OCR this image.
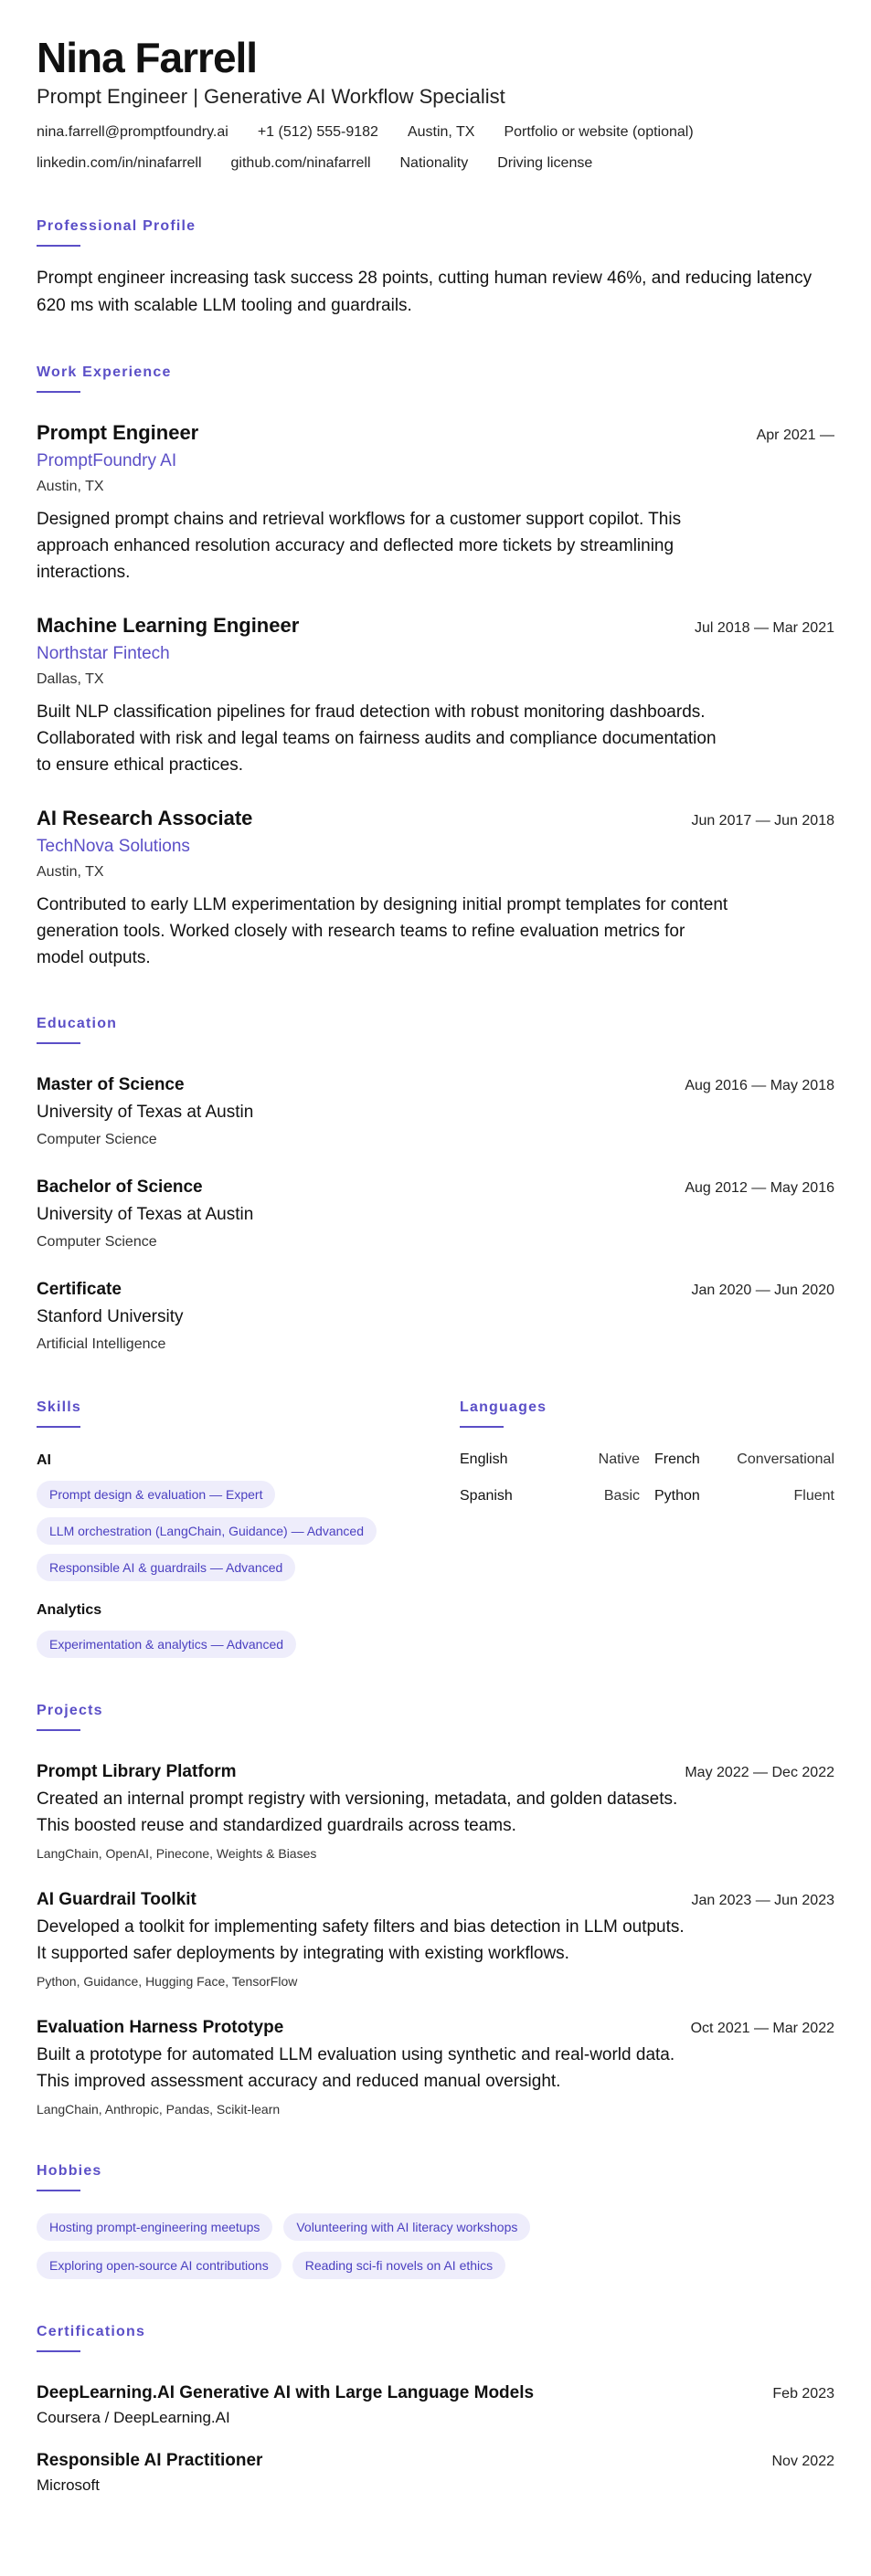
Nina Farrell
Prompt Engineer | Generative AI Workflow Specialist
nina.farrell@promptfoundry.ai +1 (512) 555-9182 Austin, TX Portfolio or website (optional)
linkedin.com/in/ninafarrell github.com/ninafarrell Nationality Driving license
Professional Profile
Prompt engineer increasing task success 28 points, cutting human review 46%, and reducing latency 620 ms with scalable LLM tooling and guardrails.
Work Experience
Prompt Engineer	Apr 2021 —
PromptFoundry AI
Austin, TX
Designed prompt chains and retrieval workflows for a customer support copilot. This approach enhanced resolution accuracy and deflected more tickets by streamlining interactions.
Machine Learning Engineer	Jul 2018 — Mar 2021
Northstar Fintech
Dallas, TX
Built NLP classification pipelines for fraud detection with robust monitoring dashboards. Collaborated with risk and legal teams on fairness audits and compliance documentation to ensure ethical practices.
AI Research Associate	Jun 2017 — Jun 2018
TechNova Solutions
Austin, TX
Contributed to early LLM experimentation by designing initial prompt templates for content generation tools. Worked closely with research teams to refine evaluation metrics for model outputs.
Education
Master of Science	Aug 2016 — May 2018
University of Texas at Austin
Computer Science
Bachelor of Science	Aug 2012 — May 2016
University of Texas at Austin
Computer Science
Certificate	Jan 2020 — Jun 2020
Stanford University
Artificial Intelligence
Skills
AI
Prompt design & evaluation — Expert
LLM orchestration (LangChain, Guidance) — Advanced
Responsible AI & guardrails — Advanced
Analytics
Experimentation & analytics — Advanced
Languages
English	Native French	Conversational
Spanish	Basic Python	Fluent
Projects
Prompt Library Platform	May 2022 — Dec 2022
Created an internal prompt registry with versioning, metadata, and golden datasets. This boosted reuse and standardized guardrails across teams.
LangChain, OpenAI, Pinecone, Weights & Biases
AI Guardrail Toolkit	Jan 2023 — Jun 2023
Developed a toolkit for implementing safety filters and bias detection in LLM outputs. It supported safer deployments by integrating with existing workflows.
Python, Guidance, Hugging Face, TensorFlow
Evaluation Harness Prototype	Oct 2021 — Mar 2022
Built a prototype for automated LLM evaluation using synthetic and real-world data. This improved assessment accuracy and reduced manual oversight.
LangChain, Anthropic, Pandas, Scikit-learn
Hobbies
Hosting prompt-engineering meetups	Volunteering with AI literacy workshops
Exploring open-source AI contributions	Reading sci-fi novels on AI ethics
Certifications
DeepLearning.AI Generative AI with Large Language Models	Feb 2023
Coursera / DeepLearning.AI
Responsible AI Practitioner	Nov 2022
Microsoft
